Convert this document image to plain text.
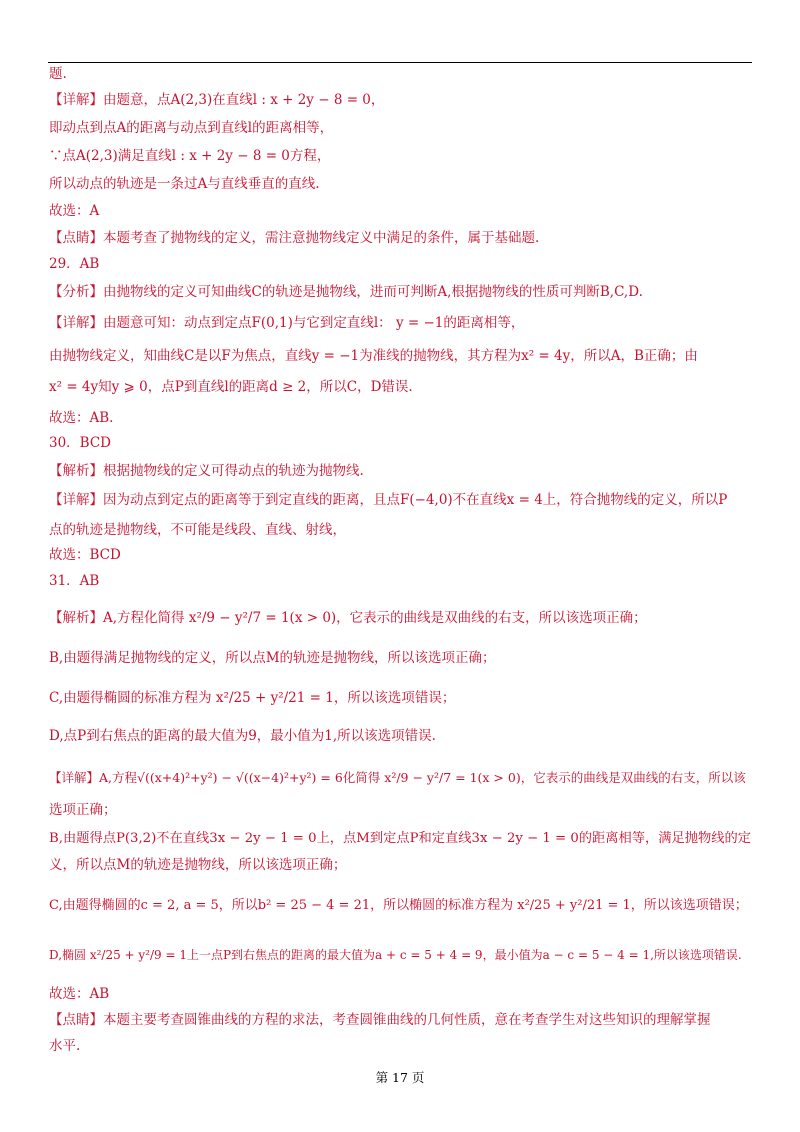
题.
【详解】由题意，点A(2,3)在直线l : x + 2y − 8 = 0，
即动点到点A的距离与动点到直线l的距离相等，
∵点A(2,3)满足直线l : x + 2y − 8 = 0方程，
所以动点的轨迹是一条过A与直线垂直的直线.
故选：A
【点睛】本题考查了抛物线的定义，需注意抛物线定义中满足的条件，属于基础题.
29．AB
【分析】由抛物线的定义可知曲线C的轨迹是抛物线，进而可判断A,根据抛物线的性质可判断B,C,D.
【详解】由题意可知：动点到定点F(0,1)与它到定直线l： y = −1的距离相等，
由抛物线定义，知曲线C是以F为焦点，直线y = −1为准线的抛物线，其方程为x² = 4y，所以A，B正确；由
x² = 4y知y ⩾ 0，点P到直线l的距离d ≥ 2，所以C，D错误.
故选：AB.
30．BCD
【解析】根据抛物线的定义可得动点的轨迹为抛物线.
【详解】因为动点到定点的距离等于到定直线的距离，且点F(−4,0)不在直线x = 4上，符合抛物线的定义，所以P
点的轨迹是抛物线，不可能是线段、直线、射线，
故选：BCD
31．AB
【解析】A,方程化简得 x²/9 − y²/7 = 1(x > 0)，它表示的曲线是双曲线的右支，所以该选项正确；
B,由题得满足抛物线的定义，所以点M的轨迹是抛物线，所以该选项正确；
C,由题得椭圆的标准方程为 x²/25 + y²/21 = 1，所以该选项错误；
D,点P到右焦点的距离的最大值为9，最小值为1,所以该选项错误.
【详解】A,方程√((x+4)²+y²) − √((x−4)²+y²) = 6化简得 x²/9 − y²/7 = 1(x > 0)，它表示的曲线是双曲线的右支，所以该
选项正确；
B,由题得点P(3,2)不在直线3x − 2y − 1 = 0上，点M到定点P和定直线3x − 2y − 1 = 0的距离相等，满足抛物线的定
义，所以点M的轨迹是抛物线，所以该选项正确；
C,由题得椭圆的c = 2, a = 5，所以b² = 25 − 4 = 21，所以椭圆的标准方程为 x²/25 + y²/21 = 1，所以该选项错误；
D,椭圆 x²/25 + y²/9 = 1上一点P到右焦点的距离的最大值为a + c = 5 + 4 = 9，最小值为a − c = 5 − 4 = 1,所以该选项错误.
故选：AB
【点睛】本题主要考查圆锥曲线的方程的求法，考查圆锥曲线的几何性质，意在考查学生对这些知识的理解掌握
水平.
第 17 页
